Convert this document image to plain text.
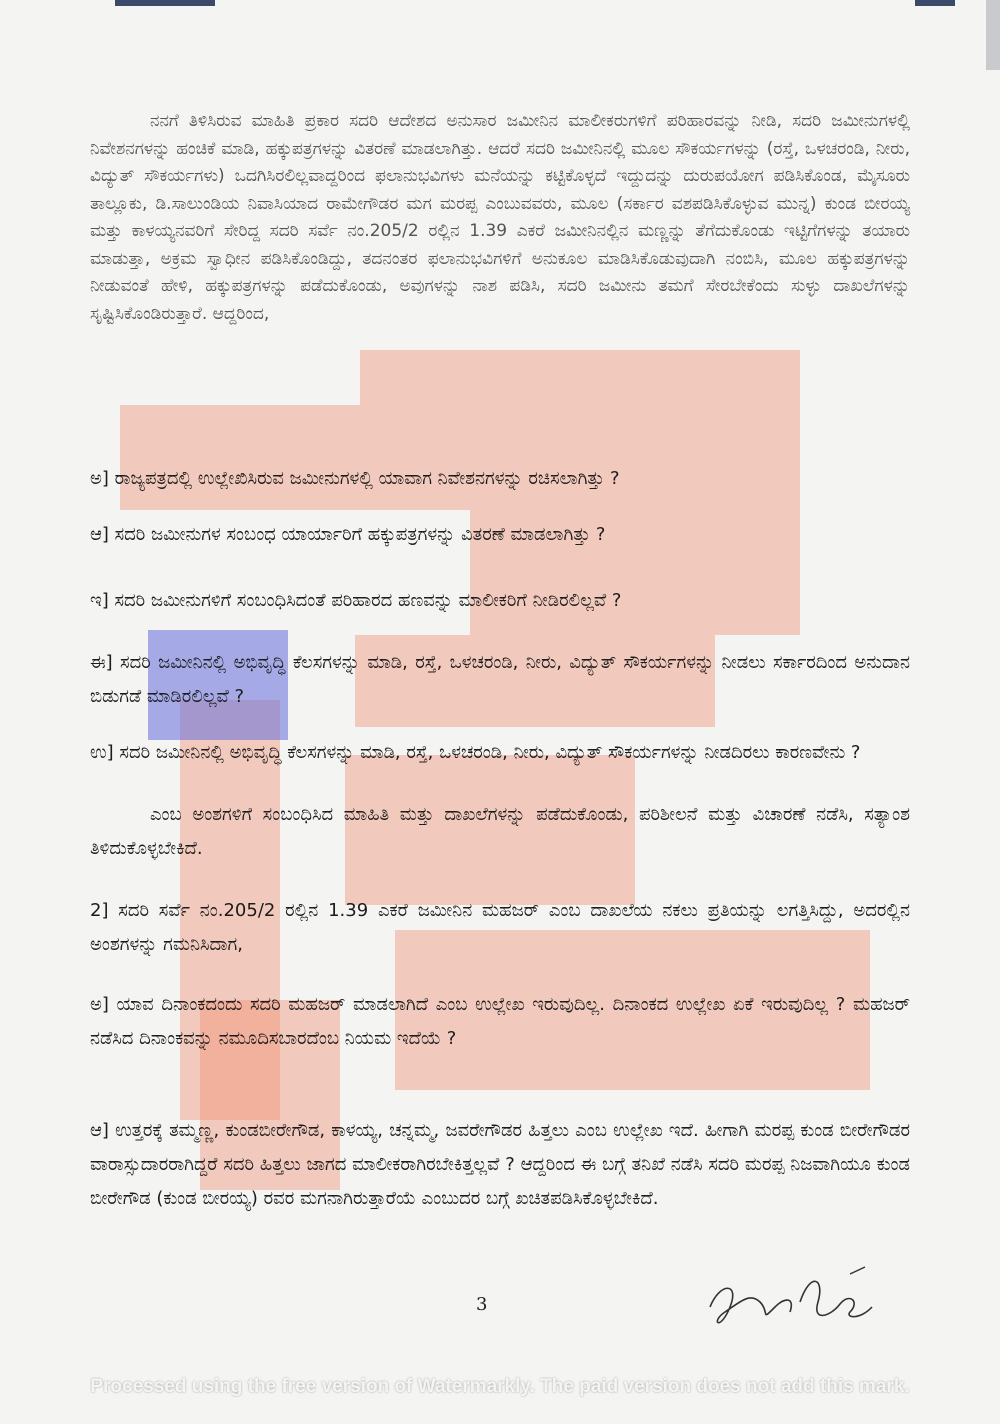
ನನಗೆ ತಿಳಿಸಿರುವ ಮಾಹಿತಿ ಪ್ರಕಾರ ಸದರಿ ಆದೇಶದ ಅನುಸಾರ ಜಮೀನಿನ ಮಾಲೀಕರುಗಳಿಗೆ ಪರಿಹಾರವನ್ನು ನೀಡಿ, ಸದರಿ ಜಮೀನುಗಳಲ್ಲಿ ನಿವೇಶನಗಳನ್ನು ಹಂಚಿಕೆ ಮಾಡಿ, ಹಕ್ಕುಪತ್ರಗಳನ್ನು ವಿತರಣೆ ಮಾಡಲಾಗಿತ್ತು. ಆದರೆ ಸದರಿ ಜಮೀನಿನಲ್ಲಿ ಮೂಲ ಸೌಕರ್ಯಗಳನ್ನು (ರಸ್ತೆ, ಒಳಚರಂಡಿ, ನೀರು, ವಿದ್ಯುತ್ ಸೌಕರ್ಯಗಳು) ಒದಗಿಸಿರಲಿಲ್ಲವಾದ್ದರಿಂದ ಫಲಾನುಭವಿಗಳು ಮನೆಯನ್ನು ಕಟ್ಟಿಕೊಳ್ಳದೆ ಇದ್ದುದನ್ನು ದುರುಪಯೋಗ ಪಡಿಸಿಕೊಂಡ, ಮೈಸೂರು ತಾಲ್ಲೂಕು, ಡಿ.ಸಾಲುಂಡಿಯ ನಿವಾಸಿಯಾದ ರಾಮೇಗೌಡರ ಮಗ ಮರಪ್ಪ ಎಂಬುವವರು, ಮೂಲ (ಸರ್ಕಾರ ವಶಪಡಿಸಿಕೊಳ್ಳುವ ಮುನ್ನ) ಕುಂಡ ಬೀರಯ್ಯ ಮತ್ತು ಕಾಳಯ್ಯನವರಿಗೆ ಸೇರಿದ್ದ ಸದರಿ ಸರ್ವೆ ನಂ.205/2 ರಲ್ಲಿನ 1.39 ಎಕರೆ ಜಮೀನಿನಲ್ಲಿನ ಮಣ್ಣನ್ನು ತೆಗೆದುಕೊಂಡು ಇಟ್ಟಿಗೆಗಳನ್ನು ತಯಾರು ಮಾಡುತ್ತಾ, ಅಕ್ರಮ ಸ್ವಾಧೀನ ಪಡಿಸಿಕೊಂಡಿದ್ದು, ತದನಂತರ ಫಲಾನುಭವಿಗಳಿಗೆ ಅನುಕೂಲ ಮಾಡಿಸಿಕೊಡುವುದಾಗಿ ನಂಬಿಸಿ, ಮೂಲ ಹಕ್ಕುಪತ್ರಗಳನ್ನು ನೀಡುವಂತೆ ಹೇಳಿ, ಹಕ್ಕುಪತ್ರಗಳನ್ನು ಪಡೆದುಕೊಂಡು, ಅವುಗಳನ್ನು ನಾಶ ಪಡಿಸಿ, ಸದರಿ ಜಮೀನು ತಮಗೆ ಸೇರಬೇಕೆಂದು ಸುಳ್ಳು ದಾಖಲೆಗಳನ್ನು ಸೃಷ್ಟಿಸಿಕೊಂಡಿರುತ್ತಾರೆ. ಆದ್ದರಿಂದ,

ಅ] ರಾಜ್ಯಪತ್ರದಲ್ಲಿ ಉಲ್ಲೇಖಿಸಿರುವ ಜಮೀನುಗಳಲ್ಲಿ ಯಾವಾಗ ನಿವೇಶನಗಳನ್ನು ರಚಿಸಲಾಗಿತ್ತು ?

ಆ] ಸದರಿ ಜಮೀನುಗಳ ಸಂಬಂಧ ಯಾರ್ಯಾರಿಗೆ ಹಕ್ಕುಪತ್ರಗಳನ್ನು ವಿತರಣೆ ಮಾಡಲಾಗಿತ್ತು ?

ಇ] ಸದರಿ ಜಮೀನುಗಳಿಗೆ ಸಂಬಂಧಿಸಿದಂತೆ ಪರಿಹಾರದ ಹಣವನ್ನು ಮಾಲೀಕರಿಗೆ ನೀಡಿರಲಿಲ್ಲವೆ ?

ಈ] ಸದರಿ ಜಮೀನಿನಲ್ಲಿ ಅಭಿವೃದ್ಧಿ ಕೆಲಸಗಳನ್ನು ಮಾಡಿ, ರಸ್ತೆ, ಒಳಚರಂಡಿ, ನೀರು, ವಿದ್ಯುತ್ ಸೌಕರ್ಯಗಳನ್ನು ನೀಡಲು ಸರ್ಕಾರದಿಂದ ಅನುದಾನ ಬಿಡುಗಡೆ ಮಾಡಿರಲಿಲ್ಲವೆ ?

ಉ] ಸದರಿ ಜಮೀನಿನಲ್ಲಿ ಅಭಿವೃದ್ಧಿ ಕೆಲಸಗಳನ್ನು ಮಾಡಿ, ರಸ್ತೆ, ಒಳಚರಂಡಿ, ನೀರು, ವಿದ್ಯುತ್ ಸೌಕರ್ಯಗಳನ್ನು ನೀಡದಿರಲು ಕಾರಣವೇನು ?

ಎಂಬ ಅಂಶಗಳಿಗೆ ಸಂಬಂಧಿಸಿದ ಮಾಹಿತಿ ಮತ್ತು ದಾಖಲೆಗಳನ್ನು ಪಡೆದುಕೊಂಡು, ಪರಿಶೀಲನೆ ಮತ್ತು ವಿಚಾರಣೆ ನಡೆಸಿ, ಸತ್ಯಾಂಶ ತಿಳಿದುಕೊಳ್ಳಬೇಕಿದೆ.

2] ಸದರಿ ಸರ್ವೆ ನಂ.205/2 ರಲ್ಲಿನ 1.39 ಎಕರೆ ಜಮೀನಿನ ಮಹಜರ್ ಎಂಬ ದಾಖಲೆಯ ನಕಲು ಪ್ರತಿಯನ್ನು ಲಗತ್ತಿಸಿದ್ದು, ಅದರಲ್ಲಿನ ಅಂಶಗಳನ್ನು ಗಮನಿಸಿದಾಗ,

ಅ] ಯಾವ ದಿನಾಂಕದಂದು ಸದರಿ ಮಹಜರ್ ಮಾಡಲಾಗಿದೆ ಎಂಬ ಉಲ್ಲೇಖ ಇರುವುದಿಲ್ಲ. ದಿನಾಂಕದ ಉಲ್ಲೇಖ ಏಕೆ ಇರುವುದಿಲ್ಲ ? ಮಹಜರ್ ನಡೆಸಿದ ದಿನಾಂಕವನ್ನು ನಮೂದಿಸಬಾರದೆಂಬ ನಿಯಮ ಇದೆಯೆ ?

ಆ] ಉತ್ತರಕ್ಕೆ ತಮ್ಮಣ್ಣ, ಕುಂಡಬೀರೇಗೌಡ, ಕಾಳಯ್ಯ, ಚನ್ನಮ್ಮ, ಜವರೇಗೌಡರ ಹಿತ್ತಲು ಎಂಬ ಉಲ್ಲೇಖ ಇದೆ. ಹೀಗಾಗಿ ಮರಪ್ಪ ಕುಂಡ ಬೀರೇಗೌಡರ ವಾರಾಸ್ಸುದಾರರಾಗಿದ್ದರೆ ಸದರಿ ಹಿತ್ತಲು ಜಾಗದ ಮಾಲೀಕರಾಗಿರಬೇಕಿತ್ತಲ್ಲವೆ ? ಆದ್ದರಿಂದ ಈ ಬಗ್ಗೆ ತನಿಖೆ ನಡೆಸಿ ಸದರಿ ಮರಪ್ಪ ನಿಜವಾಗಿಯೂ ಕುಂಡ ಬೀರೇಗೌಡ (ಕುಂಡ ಬೀರಯ್ಯ) ರವರ ಮಗನಾಗಿರುತ್ತಾರೆಯೆ ಎಂಬುದರ ಬಗ್ಗೆ ಖಚಿತಪಡಿಸಿಕೊಳ್ಳಬೇಕಿದೆ.

3
Processed using the free version of Watermarkly. The paid version does not add this mark.
